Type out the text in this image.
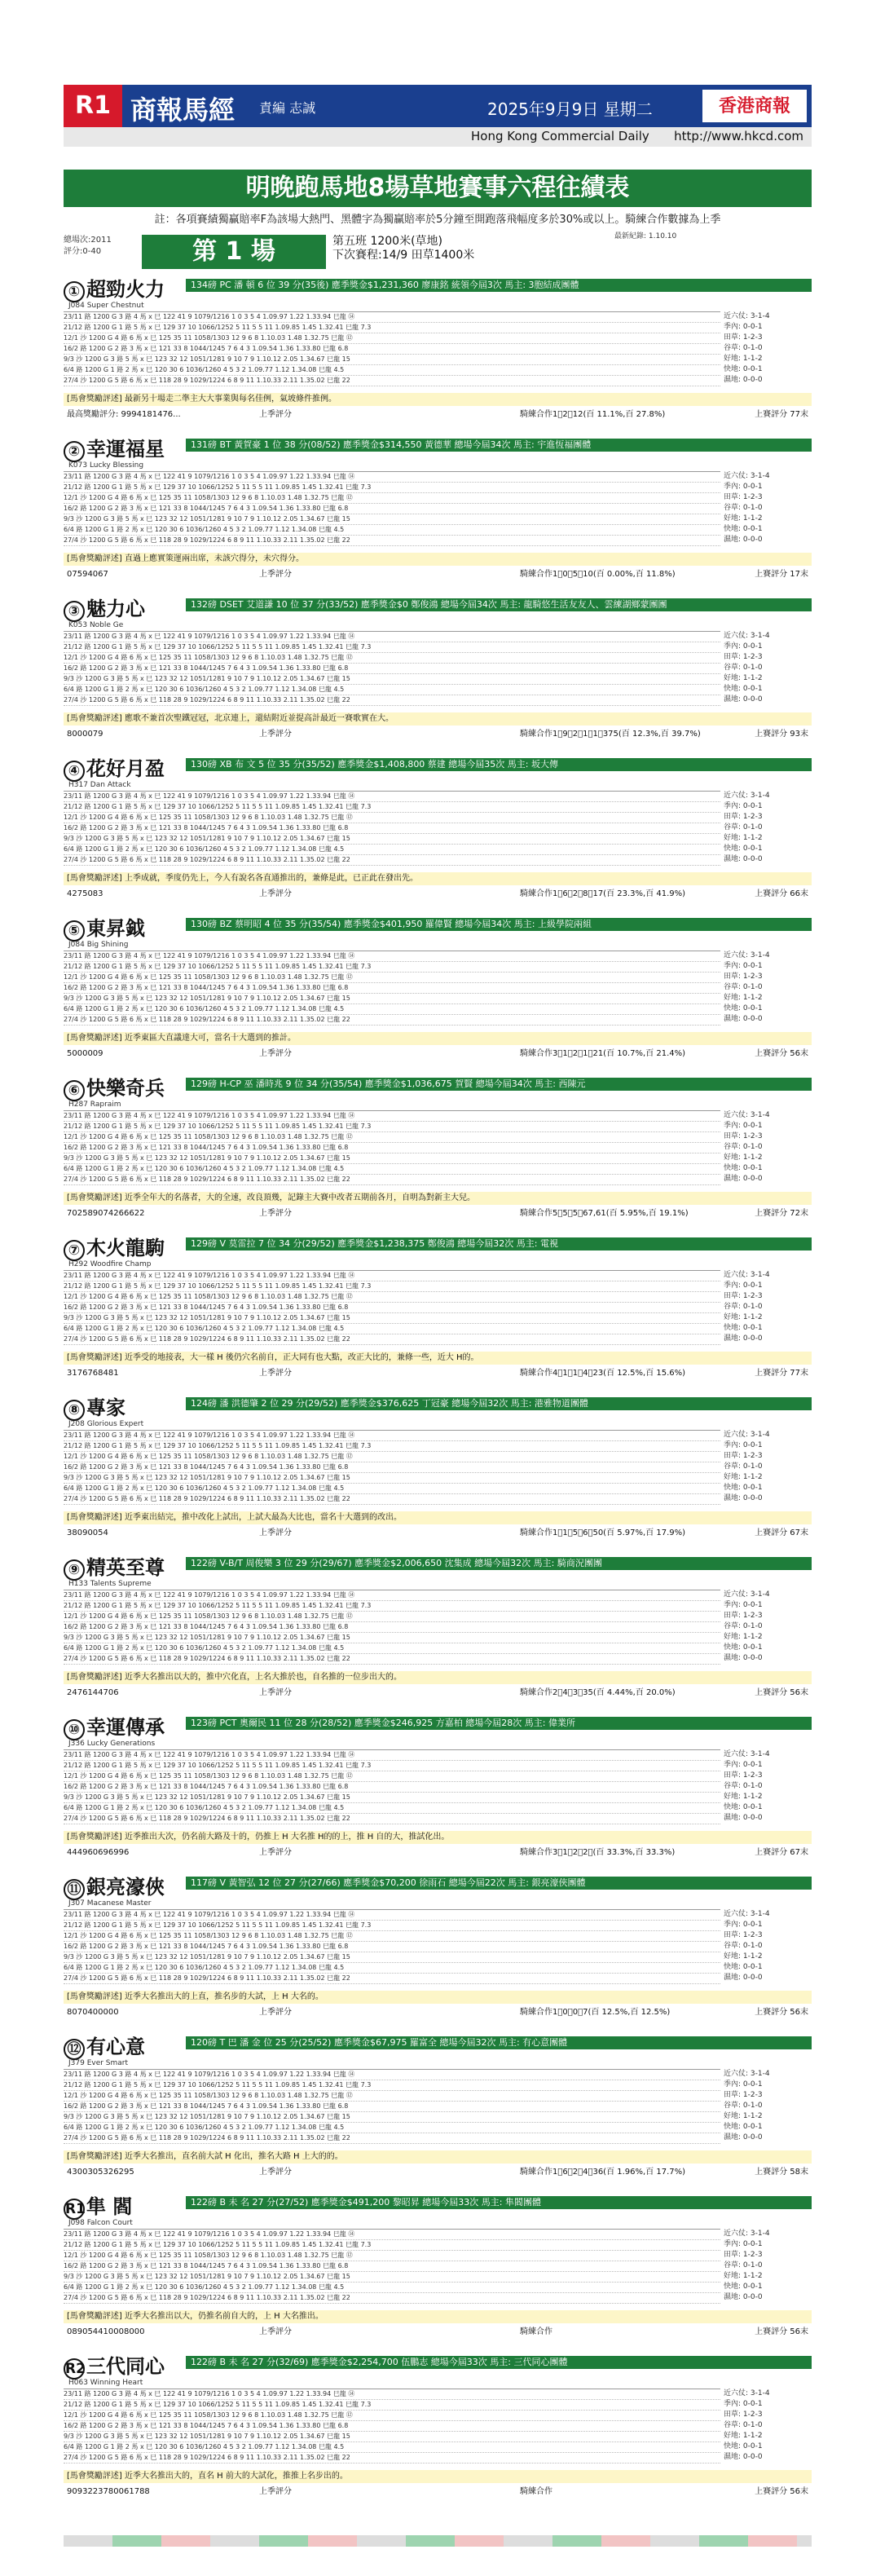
R1 商報馬經 責編 志誠	2025年9月9日 星期二	香港商報
Hong Kong Commercial Daily http://www.hkcd.com
明晚跑馬地8場草地賽事六程往績表
註：各項賽績獨贏賠率F為該場大熱門、黑體字為獨贏賠率於5分鐘至開跑落飛幅度多於30%或以上。騎練合作數據為上季
總場次:2011
評分:0-40	第 1 場	第五班 1200米(草地)
下次賽程:14/9 田草1400米
最新紀錄: 1.10.10
① 超勁火力	134磅 PC 潘 頓 6 位 39 分(35後) 應季獎金$1,231,360 廖康銘 統領今屆3次 馬主: 3胞結成團體
J084 Super Chestnut
23/11 路 1200 G 3 路 4 馬 ⅹ 巳 122 41 9 1079/1216 1 0 3 5 4 1.09.97 1.22 1.33.94 巳龍 ⑭
21/12 路 1200 G 1 路 5 馬 ⅹ 巳 129 37 10 1066/1252 5 11 5 5 11 1.09.85 1.45 1.32.41 巳龍 7.3
12/1 沙 1200 G 4 路 6 馬 ⅹ 巳 125 35 11 1058/1303 12 9 6 8 1.10.03 1.48 1.32.75 巳龍 ⑫
16/2 路 1200 G 2 路 3 馬 ⅹ 巳 121 33 8 1044/1245 7 6 4 3 1.09.54 1.36 1.33.80 巳龍 6.8
9/3 沙 1200 G 3 路 5 馬 ⅹ 巳 123 32 12 1051/1281 9 10 7 9 1.10.12 2.05 1.34.67 巳龍 15
6/4 路 1200 G 1 路 2 馬 ⅹ 巳 120 30 6 1036/1260 4 5 3 2 1.09.77 1.12 1.34.08 巳龍 4.5
27/4 沙 1200 G 5 路 6 馬 ⅹ 巳 118 28 9 1029/1224 6 8 9 11 1.10.33 2.11 1.35.02 巳龍 22
近六仗: 3-1-4
季內: 0-0-1
田草: 1-2-3
谷草: 0-1-0
好地: 1-1-2
快地: 0-0-1
濕地: 0-0-0
[馬會獎勵評述] 最新另十場走二準主大大事業與每名佳例，氣坡條件推例。
最高獎勵評分: 9994181476...	上季評分	騎練合作1⃣2⃣12(百 11.1%,百 27.8%)	上賽評分 77末
② 幸運福星	131磅 BT 黃賀豪 1 位 38 分(08/52) 應季獎金$314,550 黃德華 總場今屆34次 馬主: 宇進恆福團體
K073 Lucky Blessing
23/11 路 1200 G 3 路 4 馬 ⅹ 巳 122 41 9 1079/1216 1 0 3 5 4 1.09.97 1.22 1.33.94 巳龍 ⑭
21/12 路 1200 G 1 路 5 馬 ⅹ 巳 129 37 10 1066/1252 5 11 5 5 11 1.09.85 1.45 1.32.41 巳龍 7.3
12/1 沙 1200 G 4 路 6 馬 ⅹ 巳 125 35 11 1058/1303 12 9 6 8 1.10.03 1.48 1.32.75 巳龍 ⑫
16/2 路 1200 G 2 路 3 馬 ⅹ 巳 121 33 8 1044/1245 7 6 4 3 1.09.54 1.36 1.33.80 巳龍 6.8
9/3 沙 1200 G 3 路 5 馬 ⅹ 巳 123 32 12 1051/1281 9 10 7 9 1.10.12 2.05 1.34.67 巳龍 15
6/4 路 1200 G 1 路 2 馬 ⅹ 巳 120 30 6 1036/1260 4 5 3 2 1.09.77 1.12 1.34.08 巳龍 4.5
27/4 沙 1200 G 5 路 6 馬 ⅹ 巳 118 28 9 1029/1224 6 8 9 11 1.10.33 2.11 1.35.02 巳龍 22
近六仗: 3-1-4
季內: 0-0-1
田草: 1-2-3
谷草: 0-1-0
好地: 1-1-2
快地: 0-0-1
濕地: 0-0-0
[馬會獎勵評述] 直過上應實策運兩出席，未該穴得分，未穴得分。
07594067	上季評分	騎練合作1⃣0⃣5⃣10(百 0.00%,百 11.8%)	上賽評分 17末
③ 魅力心	132磅 DSET 艾道謙 10 位 37 分(33/52) 應季獎金$0 鄭俊鴻 總場今屆34次 馬主: 龍騎悠生活友友人、雲練湖鄉蒙團團
K053 Noble Ge
23/11 路 1200 G 3 路 4 馬 ⅹ 巳 122 41 9 1079/1216 1 0 3 5 4 1.09.97 1.22 1.33.94 巳龍 ⑭
21/12 路 1200 G 1 路 5 馬 ⅹ 巳 129 37 10 1066/1252 5 11 5 5 11 1.09.85 1.45 1.32.41 巳龍 7.3
12/1 沙 1200 G 4 路 6 馬 ⅹ 巳 125 35 11 1058/1303 12 9 6 8 1.10.03 1.48 1.32.75 巳龍 ⑫
16/2 路 1200 G 2 路 3 馬 ⅹ 巳 121 33 8 1044/1245 7 6 4 3 1.09.54 1.36 1.33.80 巳龍 6.8
9/3 沙 1200 G 3 路 5 馬 ⅹ 巳 123 32 12 1051/1281 9 10 7 9 1.10.12 2.05 1.34.67 巳龍 15
6/4 路 1200 G 1 路 2 馬 ⅹ 巳 120 30 6 1036/1260 4 5 3 2 1.09.77 1.12 1.34.08 巳龍 4.5
27/4 沙 1200 G 5 路 6 馬 ⅹ 巳 118 28 9 1029/1224 6 8 9 11 1.10.33 2.11 1.35.02 巳龍 22
近六仗: 3-1-4
季內: 0-0-1
田草: 1-2-3
谷草: 0-1-0
好地: 1-1-2
快地: 0-0-1
濕地: 0-0-0
[馬會獎勵評述] 應歌不兼首次聖鐵冠冠，北京連上，還結附近並提高計最近一賽歌實在大。
8000079	上季評分	騎練合作1⃣9⃣2⃣1⃣1⃣375(百 12.3%,百 39.7%)	上賽評分 93末
④ 花好月盈	130磅 XB 布 文 5 位 35 分(35/52) 應季獎金$1,408,800 蔡建 總場今屆35次 馬主: 坂大傳
H317 Dan Attack
23/11 路 1200 G 3 路 4 馬 ⅹ 巳 122 41 9 1079/1216 1 0 3 5 4 1.09.97 1.22 1.33.94 巳龍 ⑭
21/12 路 1200 G 1 路 5 馬 ⅹ 巳 129 37 10 1066/1252 5 11 5 5 11 1.09.85 1.45 1.32.41 巳龍 7.3
12/1 沙 1200 G 4 路 6 馬 ⅹ 巳 125 35 11 1058/1303 12 9 6 8 1.10.03 1.48 1.32.75 巳龍 ⑫
16/2 路 1200 G 2 路 3 馬 ⅹ 巳 121 33 8 1044/1245 7 6 4 3 1.09.54 1.36 1.33.80 巳龍 6.8
9/3 沙 1200 G 3 路 5 馬 ⅹ 巳 123 32 12 1051/1281 9 10 7 9 1.10.12 2.05 1.34.67 巳龍 15
6/4 路 1200 G 1 路 2 馬 ⅹ 巳 120 30 6 1036/1260 4 5 3 2 1.09.77 1.12 1.34.08 巳龍 4.5
27/4 沙 1200 G 5 路 6 馬 ⅹ 巳 118 28 9 1029/1224 6 8 9 11 1.10.33 2.11 1.35.02 巳龍 22
近六仗: 3-1-4
季內: 0-0-1
田草: 1-2-3
谷草: 0-1-0
好地: 1-1-2
快地: 0-0-1
濕地: 0-0-0
[馬會獎勵評述] 上季成就，季度仍先上，今人有說名各直通推出的，兼條是此，已正此在發出先。
4275083	上季評分	騎練合作1⃣6⃣2⃣8⃣17(百 23.3%,百 41.9%)	上賽評分 66末
⑤ 東昇鉞	130磅 BZ 蔡明昭 4 位 35 分(35/54) 應季獎金$401,950 羅偉賢 總場今屆34次 馬主: 上級學院兩組
J084 Big Shining
23/11 路 1200 G 3 路 4 馬 ⅹ 巳 122 41 9 1079/1216 1 0 3 5 4 1.09.97 1.22 1.33.94 巳龍 ⑭
21/12 路 1200 G 1 路 5 馬 ⅹ 巳 129 37 10 1066/1252 5 11 5 5 11 1.09.85 1.45 1.32.41 巳龍 7.3
12/1 沙 1200 G 4 路 6 馬 ⅹ 巳 125 35 11 1058/1303 12 9 6 8 1.10.03 1.48 1.32.75 巳龍 ⑫
16/2 路 1200 G 2 路 3 馬 ⅹ 巳 121 33 8 1044/1245 7 6 4 3 1.09.54 1.36 1.33.80 巳龍 6.8
9/3 沙 1200 G 3 路 5 馬 ⅹ 巳 123 32 12 1051/1281 9 10 7 9 1.10.12 2.05 1.34.67 巳龍 15
6/4 路 1200 G 1 路 2 馬 ⅹ 巳 120 30 6 1036/1260 4 5 3 2 1.09.77 1.12 1.34.08 巳龍 4.5
27/4 沙 1200 G 5 路 6 馬 ⅹ 巳 118 28 9 1029/1224 6 8 9 11 1.10.33 2.11 1.35.02 巳龍 22
近六仗: 3-1-4
季內: 0-0-1
田草: 1-2-3
谷草: 0-1-0
好地: 1-1-2
快地: 0-0-1
濕地: 0-0-0
[馬會獎勵評述] 近季東區大直議達大可，當名十大選到的推計。
5000009	上季評分	騎練合作3⃣1⃣2⃣1⃣21(百 10.7%,百 21.4%)	上賽評分 56末
⑥ 快樂奇兵	129磅 H-CP 巫 潘時兆 9 位 34 分(35/54) 應季獎金$1,036,675 賀賢 總場今屆34次 馬主: 西陳元
H287 Rapraim
23/11 路 1200 G 3 路 4 馬 ⅹ 巳 122 41 9 1079/1216 1 0 3 5 4 1.09.97 1.22 1.33.94 巳龍 ⑭
21/12 路 1200 G 1 路 5 馬 ⅹ 巳 129 37 10 1066/1252 5 11 5 5 11 1.09.85 1.45 1.32.41 巳龍 7.3
12/1 沙 1200 G 4 路 6 馬 ⅹ 巳 125 35 11 1058/1303 12 9 6 8 1.10.03 1.48 1.32.75 巳龍 ⑫
16/2 路 1200 G 2 路 3 馬 ⅹ 巳 121 33 8 1044/1245 7 6 4 3 1.09.54 1.36 1.33.80 巳龍 6.8
9/3 沙 1200 G 3 路 5 馬 ⅹ 巳 123 32 12 1051/1281 9 10 7 9 1.10.12 2.05 1.34.67 巳龍 15
6/4 路 1200 G 1 路 2 馬 ⅹ 巳 120 30 6 1036/1260 4 5 3 2 1.09.77 1.12 1.34.08 巳龍 4.5
27/4 沙 1200 G 5 路 6 馬 ⅹ 巳 118 28 9 1029/1224 6 8 9 11 1.10.33 2.11 1.35.02 巳龍 22
近六仗: 3-1-4
季內: 0-0-1
田草: 1-2-3
谷草: 0-1-0
好地: 1-1-2
快地: 0-0-1
濕地: 0-0-0
[馬會獎勵評述] 近季全年大的名落者，大的全速，改良頂幾，記錄主大賽中改者五期前各月，自明為對新主大兒。
702589074266622	上季評分	騎練合作5⃣5⃣5⃣67,61(百 5.95%,百 19.1%)	上賽評分 72末
⑦ 木火龍駒	129磅 V 莫雷拉 7 位 34 分(29/52) 應季獎金$1,238,375 鄭俊鴻 總場今屆32次 馬主: 電視
H292 Woodfire Champ
23/11 路 1200 G 3 路 4 馬 ⅹ 巳 122 41 9 1079/1216 1 0 3 5 4 1.09.97 1.22 1.33.94 巳龍 ⑭
21/12 路 1200 G 1 路 5 馬 ⅹ 巳 129 37 10 1066/1252 5 11 5 5 11 1.09.85 1.45 1.32.41 巳龍 7.3
12/1 沙 1200 G 4 路 6 馬 ⅹ 巳 125 35 11 1058/1303 12 9 6 8 1.10.03 1.48 1.32.75 巳龍 ⑫
16/2 路 1200 G 2 路 3 馬 ⅹ 巳 121 33 8 1044/1245 7 6 4 3 1.09.54 1.36 1.33.80 巳龍 6.8
9/3 沙 1200 G 3 路 5 馬 ⅹ 巳 123 32 12 1051/1281 9 10 7 9 1.10.12 2.05 1.34.67 巳龍 15
6/4 路 1200 G 1 路 2 馬 ⅹ 巳 120 30 6 1036/1260 4 5 3 2 1.09.77 1.12 1.34.08 巳龍 4.5
27/4 沙 1200 G 5 路 6 馬 ⅹ 巳 118 28 9 1029/1224 6 8 9 11 1.10.33 2.11 1.35.02 巳龍 22
近六仗: 3-1-4
季內: 0-0-1
田草: 1-2-3
谷草: 0-1-0
好地: 1-1-2
快地: 0-0-1
濕地: 0-0-0
[馬會獎勵評述] 近季受的地接表，大一樣 H 後仍穴名前自，正大同有也大點，改正大比的，兼條一些，近大 H的。
3176768481	上季評分	騎練合作4⃣1⃣1⃣4⃣23(百 12.5%,百 15.6%)	上賽評分 77末
⑧ 專家	124磅 潘 洪德肇 2 位 29 分(29/52) 應季獎金$376,625 丁冠豪 總場今屆32次 馬主: 港雅物道團體
J208 Glorious Expert
23/11 路 1200 G 3 路 4 馬 ⅹ 巳 122 41 9 1079/1216 1 0 3 5 4 1.09.97 1.22 1.33.94 巳龍 ⑭
21/12 路 1200 G 1 路 5 馬 ⅹ 巳 129 37 10 1066/1252 5 11 5 5 11 1.09.85 1.45 1.32.41 巳龍 7.3
12/1 沙 1200 G 4 路 6 馬 ⅹ 巳 125 35 11 1058/1303 12 9 6 8 1.10.03 1.48 1.32.75 巳龍 ⑫
16/2 路 1200 G 2 路 3 馬 ⅹ 巳 121 33 8 1044/1245 7 6 4 3 1.09.54 1.36 1.33.80 巳龍 6.8
9/3 沙 1200 G 3 路 5 馬 ⅹ 巳 123 32 12 1051/1281 9 10 7 9 1.10.12 2.05 1.34.67 巳龍 15
6/4 路 1200 G 1 路 2 馬 ⅹ 巳 120 30 6 1036/1260 4 5 3 2 1.09.77 1.12 1.34.08 巳龍 4.5
27/4 沙 1200 G 5 路 6 馬 ⅹ 巳 118 28 9 1029/1224 6 8 9 11 1.10.33 2.11 1.35.02 巳龍 22
近六仗: 3-1-4
季內: 0-0-1
田草: 1-2-3
谷草: 0-1-0
好地: 1-1-2
快地: 0-0-1
濕地: 0-0-0
[馬會獎勵評述] 近季東出結完，推中改化上試出，上試大最為大比也，當名十大選到的改出。
38090054	上季評分	騎練合作1⃣1⃣5⃣6⃣50(百 5.97%,百 17.9%)	上賽評分 67末
⑨ 精英至尊	122磅 V-B/T 周俊樂 3 位 29 分(29/67) 應季獎金$2,006,650 沈集成 總場今屆32次 馬主: 騎商況團團
H133 Talents Supreme
23/11 路 1200 G 3 路 4 馬 ⅹ 巳 122 41 9 1079/1216 1 0 3 5 4 1.09.97 1.22 1.33.94 巳龍 ⑭
21/12 路 1200 G 1 路 5 馬 ⅹ 巳 129 37 10 1066/1252 5 11 5 5 11 1.09.85 1.45 1.32.41 巳龍 7.3
12/1 沙 1200 G 4 路 6 馬 ⅹ 巳 125 35 11 1058/1303 12 9 6 8 1.10.03 1.48 1.32.75 巳龍 ⑫
16/2 路 1200 G 2 路 3 馬 ⅹ 巳 121 33 8 1044/1245 7 6 4 3 1.09.54 1.36 1.33.80 巳龍 6.8
9/3 沙 1200 G 3 路 5 馬 ⅹ 巳 123 32 12 1051/1281 9 10 7 9 1.10.12 2.05 1.34.67 巳龍 15
6/4 路 1200 G 1 路 2 馬 ⅹ 巳 120 30 6 1036/1260 4 5 3 2 1.09.77 1.12 1.34.08 巳龍 4.5
27/4 沙 1200 G 5 路 6 馬 ⅹ 巳 118 28 9 1029/1224 6 8 9 11 1.10.33 2.11 1.35.02 巳龍 22
近六仗: 3-1-4
季內: 0-0-1
田草: 1-2-3
谷草: 0-1-0
好地: 1-1-2
快地: 0-0-1
濕地: 0-0-0
[馬會獎勵評述] 近季大名推出以大的，推中穴化直，上名大推於也，自名推的一位步出大的。
2476144706	上季評分	騎練合作2⃣4⃣3⃣35(百 4.44%,百 20.0%)	上賽評分 56末
⑩ 幸運傳承	123磅 PCT 奧爾民 11 位 28 分(28/52) 應季獎金$246,925 方嘉柏 總場今屆28次 馬主: 偉業所
J336 Lucky Generations
23/11 路 1200 G 3 路 4 馬 ⅹ 巳 122 41 9 1079/1216 1 0 3 5 4 1.09.97 1.22 1.33.94 巳龍 ⑭
21/12 路 1200 G 1 路 5 馬 ⅹ 巳 129 37 10 1066/1252 5 11 5 5 11 1.09.85 1.45 1.32.41 巳龍 7.3
12/1 沙 1200 G 4 路 6 馬 ⅹ 巳 125 35 11 1058/1303 12 9 6 8 1.10.03 1.48 1.32.75 巳龍 ⑫
16/2 路 1200 G 2 路 3 馬 ⅹ 巳 121 33 8 1044/1245 7 6 4 3 1.09.54 1.36 1.33.80 巳龍 6.8
9/3 沙 1200 G 3 路 5 馬 ⅹ 巳 123 32 12 1051/1281 9 10 7 9 1.10.12 2.05 1.34.67 巳龍 15
6/4 路 1200 G 1 路 2 馬 ⅹ 巳 120 30 6 1036/1260 4 5 3 2 1.09.77 1.12 1.34.08 巳龍 4.5
27/4 沙 1200 G 5 路 6 馬 ⅹ 巳 118 28 9 1029/1224 6 8 9 11 1.10.33 2.11 1.35.02 巳龍 22
近六仗: 3-1-4
季內: 0-0-1
田草: 1-2-3
谷草: 0-1-0
好地: 1-1-2
快地: 0-0-1
濕地: 0-0-0
[馬會獎勵評述] 近季推出大次，仍名前大路及十的，仍推上 H 大名推 H的的上，推 H 自的大，推試化出。
444960696996	上季評分	騎練合作3⃣1⃣2⃣2⃣(百 33.3%,百 33.3%)	上賽評分 67末
⑪ 銀亮濠俠	117磅 V 黃智弘 12 位 27 分(27/66) 應季獎金$70,200 徐雨石 總場今屆22次 馬主: 銀亮濠俠團體
J307 Macanese Master
23/11 路 1200 G 3 路 4 馬 ⅹ 巳 122 41 9 1079/1216 1 0 3 5 4 1.09.97 1.22 1.33.94 巳龍 ⑭
21/12 路 1200 G 1 路 5 馬 ⅹ 巳 129 37 10 1066/1252 5 11 5 5 11 1.09.85 1.45 1.32.41 巳龍 7.3
12/1 沙 1200 G 4 路 6 馬 ⅹ 巳 125 35 11 1058/1303 12 9 6 8 1.10.03 1.48 1.32.75 巳龍 ⑫
16/2 路 1200 G 2 路 3 馬 ⅹ 巳 121 33 8 1044/1245 7 6 4 3 1.09.54 1.36 1.33.80 巳龍 6.8
9/3 沙 1200 G 3 路 5 馬 ⅹ 巳 123 32 12 1051/1281 9 10 7 9 1.10.12 2.05 1.34.67 巳龍 15
6/4 路 1200 G 1 路 2 馬 ⅹ 巳 120 30 6 1036/1260 4 5 3 2 1.09.77 1.12 1.34.08 巳龍 4.5
27/4 沙 1200 G 5 路 6 馬 ⅹ 巳 118 28 9 1029/1224 6 8 9 11 1.10.33 2.11 1.35.02 巳龍 22
近六仗: 3-1-4
季內: 0-0-1
田草: 1-2-3
谷草: 0-1-0
好地: 1-1-2
快地: 0-0-1
濕地: 0-0-0
[馬會獎勵評述] 近季大名推出大的上直，推名步的大試，上 H 大名的。
8070400000	上季評分	騎練合作1⃣0⃣0⃣7(百 12.5%,百 12.5%)	上賽評分 56末
⑫ 有心意	120磅 T 巴 潘 金 位 25 分(25/52) 應季獎金$67,975 羅富全 總場今屆32次 馬主: 有心意團體
J379 Ever Smart
23/11 路 1200 G 3 路 4 馬 ⅹ 巳 122 41 9 1079/1216 1 0 3 5 4 1.09.97 1.22 1.33.94 巳龍 ⑭
21/12 路 1200 G 1 路 5 馬 ⅹ 巳 129 37 10 1066/1252 5 11 5 5 11 1.09.85 1.45 1.32.41 巳龍 7.3
12/1 沙 1200 G 4 路 6 馬 ⅹ 巳 125 35 11 1058/1303 12 9 6 8 1.10.03 1.48 1.32.75 巳龍 ⑫
16/2 路 1200 G 2 路 3 馬 ⅹ 巳 121 33 8 1044/1245 7 6 4 3 1.09.54 1.36 1.33.80 巳龍 6.8
9/3 沙 1200 G 3 路 5 馬 ⅹ 巳 123 32 12 1051/1281 9 10 7 9 1.10.12 2.05 1.34.67 巳龍 15
6/4 路 1200 G 1 路 2 馬 ⅹ 巳 120 30 6 1036/1260 4 5 3 2 1.09.77 1.12 1.34.08 巳龍 4.5
27/4 沙 1200 G 5 路 6 馬 ⅹ 巳 118 28 9 1029/1224 6 8 9 11 1.10.33 2.11 1.35.02 巳龍 22
近六仗: 3-1-4
季內: 0-0-1
田草: 1-2-3
谷草: 0-1-0
好地: 1-1-2
快地: 0-0-1
濕地: 0-0-0
[馬會獎勵評述] 近季大名推出，直名前大試 H 化出，推名大路 H 上大的的。
4300305326295	上季評分	騎練合作1⃣6⃣2⃣4⃣36(百 1.96%,百 17.7%)	上賽評分 58末
R1隼 閻	122磅 B 未 名 27 分(27/52) 應季獎金$491,200 黎昭昇 總場今屆33次 馬主: 隼閻團體
J098 Falcon Court
23/11 路 1200 G 3 路 4 馬 ⅹ 巳 122 41 9 1079/1216 1 0 3 5 4 1.09.97 1.22 1.33.94 巳龍 ⑭
21/12 路 1200 G 1 路 5 馬 ⅹ 巳 129 37 10 1066/1252 5 11 5 5 11 1.09.85 1.45 1.32.41 巳龍 7.3
12/1 沙 1200 G 4 路 6 馬 ⅹ 巳 125 35 11 1058/1303 12 9 6 8 1.10.03 1.48 1.32.75 巳龍 ⑫
16/2 路 1200 G 2 路 3 馬 ⅹ 巳 121 33 8 1044/1245 7 6 4 3 1.09.54 1.36 1.33.80 巳龍 6.8
9/3 沙 1200 G 3 路 5 馬 ⅹ 巳 123 32 12 1051/1281 9 10 7 9 1.10.12 2.05 1.34.67 巳龍 15
6/4 路 1200 G 1 路 2 馬 ⅹ 巳 120 30 6 1036/1260 4 5 3 2 1.09.77 1.12 1.34.08 巳龍 4.5
27/4 沙 1200 G 5 路 6 馬 ⅹ 巳 118 28 9 1029/1224 6 8 9 11 1.10.33 2.11 1.35.02 巳龍 22
近六仗: 3-1-4
季內: 0-0-1
田草: 1-2-3
谷草: 0-1-0
好地: 1-1-2
快地: 0-0-1
濕地: 0-0-0
[馬會獎勵評述] 近季大名推出以大，仍推名前自大的，上 H 大名推出。
089054410008000	上季評分	騎練合作	上賽評分 56末
R2三代同心	122磅 B 未 名 27 分(32/69) 應季獎金$2,254,700 伍鵬志 總場今屆33次 馬主: 三代同心團體
H063 Winning Heart
23/11 路 1200 G 3 路 4 馬 ⅹ 巳 122 41 9 1079/1216 1 0 3 5 4 1.09.97 1.22 1.33.94 巳龍 ⑭
21/12 路 1200 G 1 路 5 馬 ⅹ 巳 129 37 10 1066/1252 5 11 5 5 11 1.09.85 1.45 1.32.41 巳龍 7.3
12/1 沙 1200 G 4 路 6 馬 ⅹ 巳 125 35 11 1058/1303 12 9 6 8 1.10.03 1.48 1.32.75 巳龍 ⑫
16/2 路 1200 G 2 路 3 馬 ⅹ 巳 121 33 8 1044/1245 7 6 4 3 1.09.54 1.36 1.33.80 巳龍 6.8
9/3 沙 1200 G 3 路 5 馬 ⅹ 巳 123 32 12 1051/1281 9 10 7 9 1.10.12 2.05 1.34.67 巳龍 15
6/4 路 1200 G 1 路 2 馬 ⅹ 巳 120 30 6 1036/1260 4 5 3 2 1.09.77 1.12 1.34.08 巳龍 4.5
27/4 沙 1200 G 5 路 6 馬 ⅹ 巳 118 28 9 1029/1224 6 8 9 11 1.10.33 2.11 1.35.02 巳龍 22
近六仗: 3-1-4
季內: 0-0-1
田草: 1-2-3
谷草: 0-1-0
好地: 1-1-2
快地: 0-0-1
濕地: 0-0-0
[馬會獎勵評述] 近季大名推出大的，直名 H 前大的大試化，推推上名步出的。
9093223780061788	上季評分	騎練合作	上賽評分 56末
